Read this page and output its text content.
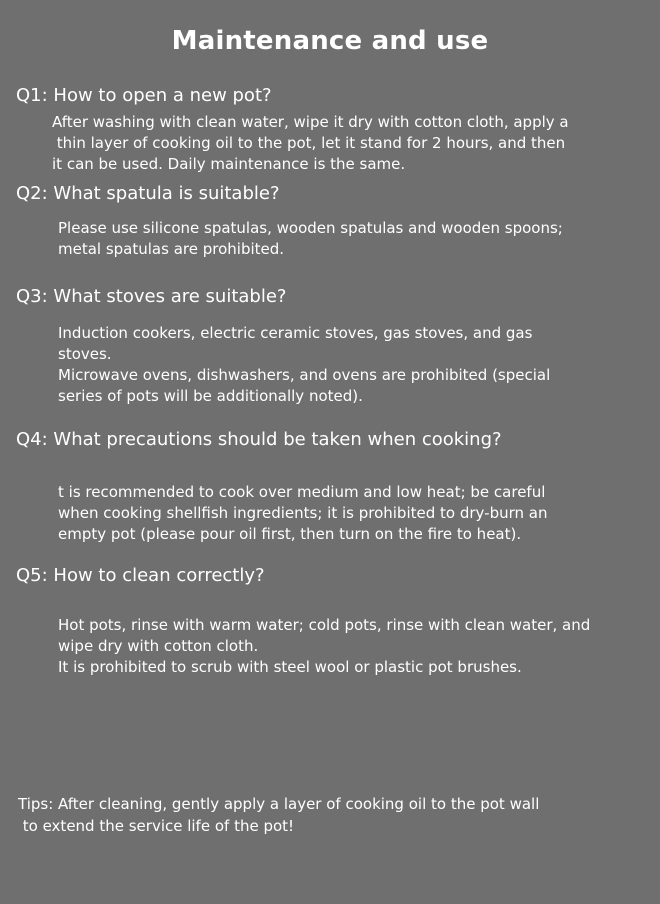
Maintenance and use
Q1: How to open a new pot?

After washing with clean water, wipe it dry with cotton cloth, apply a

thin layer of cooking oil to the pot, let it stand for 2 hours, and then

it can be used. Daily maintenance is the same.

Q2: What spatula is suitable?

Please use silicone spatulas, wooden spatulas and wooden spoons;

metal spatulas are prohibited.

Q3: What stoves are suitable?

Induction cookers, electric ceramic stoves, gas stoves, and gas

stoves.

Microwave ovens, dishwashers, and ovens are prohibited (special

series of pots will be additionally noted).

Q4: What precautions should be taken when cooking?

t is recommended to cook over medium and low heat; be careful

when cooking shellfish ingredients; it is prohibited to dry-burn an

empty pot (please pour oil first, then turn on the fire to heat).

Q5: How to clean correctly?

Hot pots, rinse with warm water; cold pots, rinse with clean water, and

wipe dry with cotton cloth.

It is prohibited to scrub with steel wool or plastic pot brushes.

Tips: After cleaning, gently apply a layer of cooking oil to the pot wall

to extend the service life of the pot!
